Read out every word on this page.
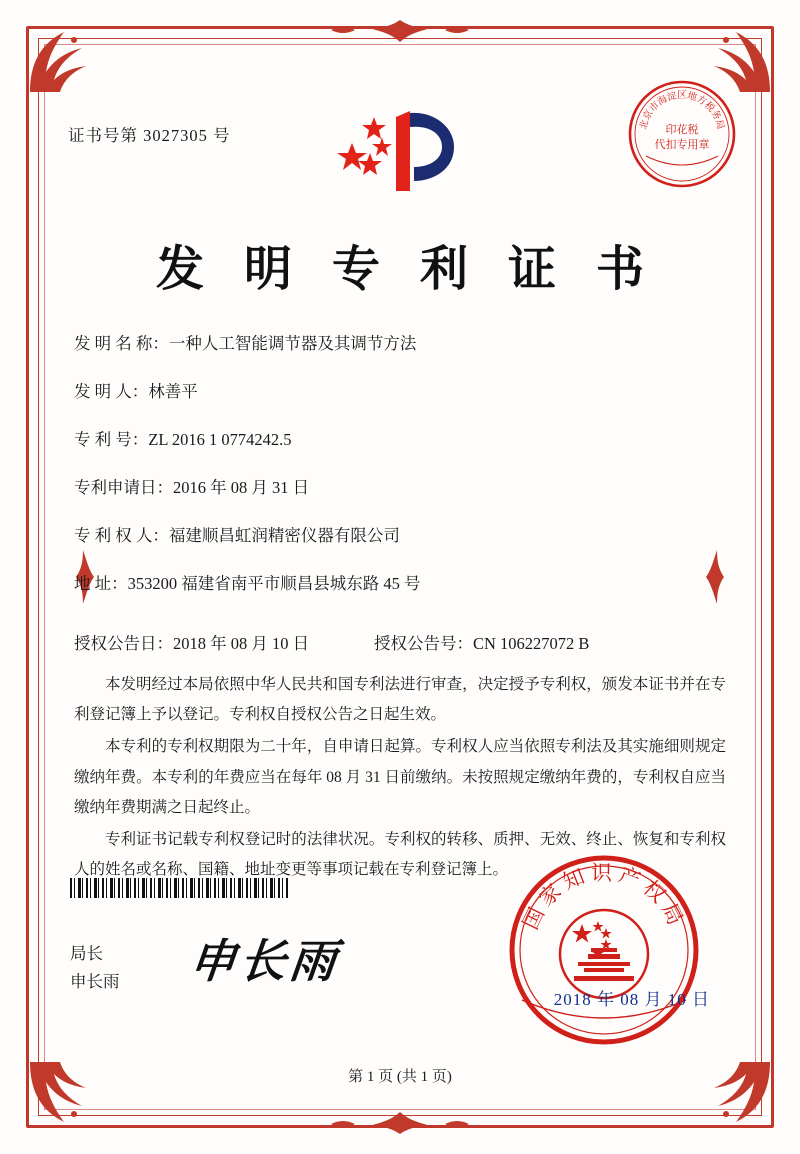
证书号第 3027305 号
北京市海淀区地方税务局
印花税
代扣专用章
发 明 专 利 证 书
发 明 名 称： 一种人工智能调节器及其调节方法
发 明 人： 林善平
专 利 号： ZL 2016 1 0774242.5
专利申请日： 2016 年 08 月 31 日
专 利 权 人： 福建顺昌虹润精密仪器有限公司
地 址： 353200 福建省南平市顺昌县城东路 45 号
授权公告日：2018 年 08 月 10 日	授权公告号：CN 106227072 B

本发明经过本局依照中华人民共和国专利法进行审查，决定授予专利权，颁发本证书并在专利登记簿上予以登记。专利权自授权公告之日起生效。

本专利的专利权期限为二十年，自申请日起算。专利权人应当依照专利法及其实施细则规定缴纳年费。本专利的年费应当在每年 08 月 31 日前缴纳。未按照规定缴纳年费的，专利权自应当缴纳年费期满之日起终止。

专利证书记载专利权登记时的法律状况。专利权的转移、质押、无效、终止、恢复和专利权人的姓名或名称、国籍、地址变更等事项记载在专利登记簿上。

局长
申长雨 申长雨
国家知识产权局
2018 年 08 月 10 日
第 1 页 (共 1 页)
